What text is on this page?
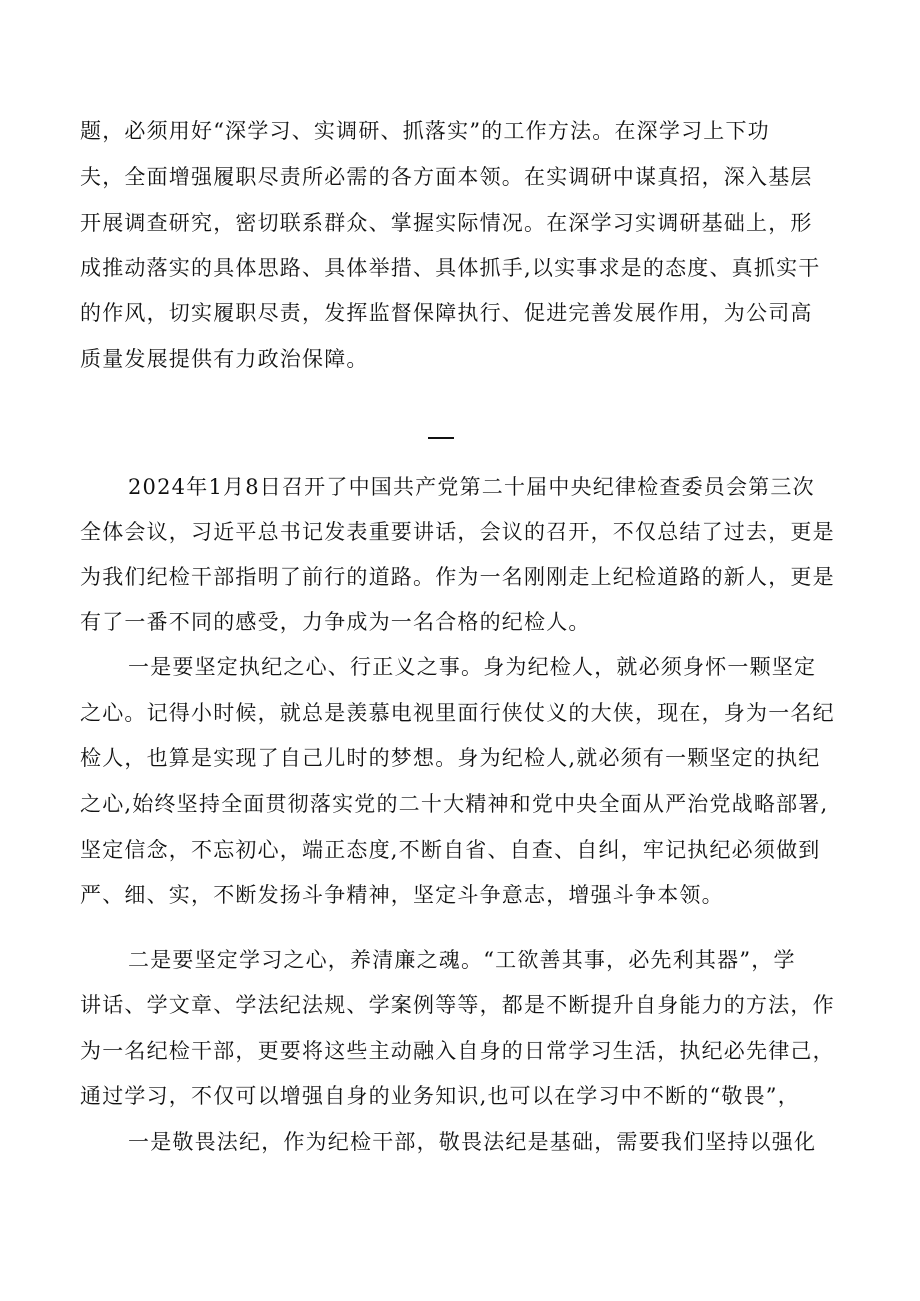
题，必须用好“深学习、实调研、抓落实”的工作方法。在深学习上下功
夫，全面增强履职尽责所必需的各方面本领。在实调研中谋真招，深入基层
开展调查研究，密切联系群众、掌握实际情况。在深学习实调研基础上，形
成推动落实的具体思路、具体举措、具体抓手,以实事求是的态度、真抓实干
的作风，切实履职尽责，发挥监督保障执行、促进完善发展作用，为公司高
质量发展提供有力政治保障。
2024年1月8日召开了中国共产党第二十届中央纪律检查委员会第三次
全体会议，习近平总书记发表重要讲话，会议的召开，不仅总结了过去，更是
为我们纪检干部指明了前行的道路。作为一名刚刚走上纪检道路的新人，更是
有了一番不同的感受，力争成为一名合格的纪检人。
一是要坚定执纪之心、行正义之事。身为纪检人，就必须身怀一颗坚定
之心。记得小时候，就总是羡慕电视里面行侠仗义的大侠，现在，身为一名纪
检人，也算是实现了自己儿时的梦想。身为纪检人,就必须有一颗坚定的执纪
之心,始终坚持全面贯彻落实党的二十大精神和党中央全面从严治党战略部署,
坚定信念，不忘初心，端正态度,不断自省、自查、自纠，牢记执纪必须做到
严、细、实，不断发扬斗争精神，坚定斗争意志，增强斗争本领。
二是要坚定学习之心，养清廉之魂。“工欲善其事，必先利其器”，学
讲话、学文章、学法纪法规、学案例等等，都是不断提升自身能力的方法，作
为一名纪检干部，更要将这些主动融入自身的日常学习生活，执纪必先律己，
通过学习，不仅可以增强自身的业务知识,也可以在学习中不断的“敬畏”，
一是敬畏法纪，作为纪检干部，敬畏法纪是基础，需要我们坚持以强化
